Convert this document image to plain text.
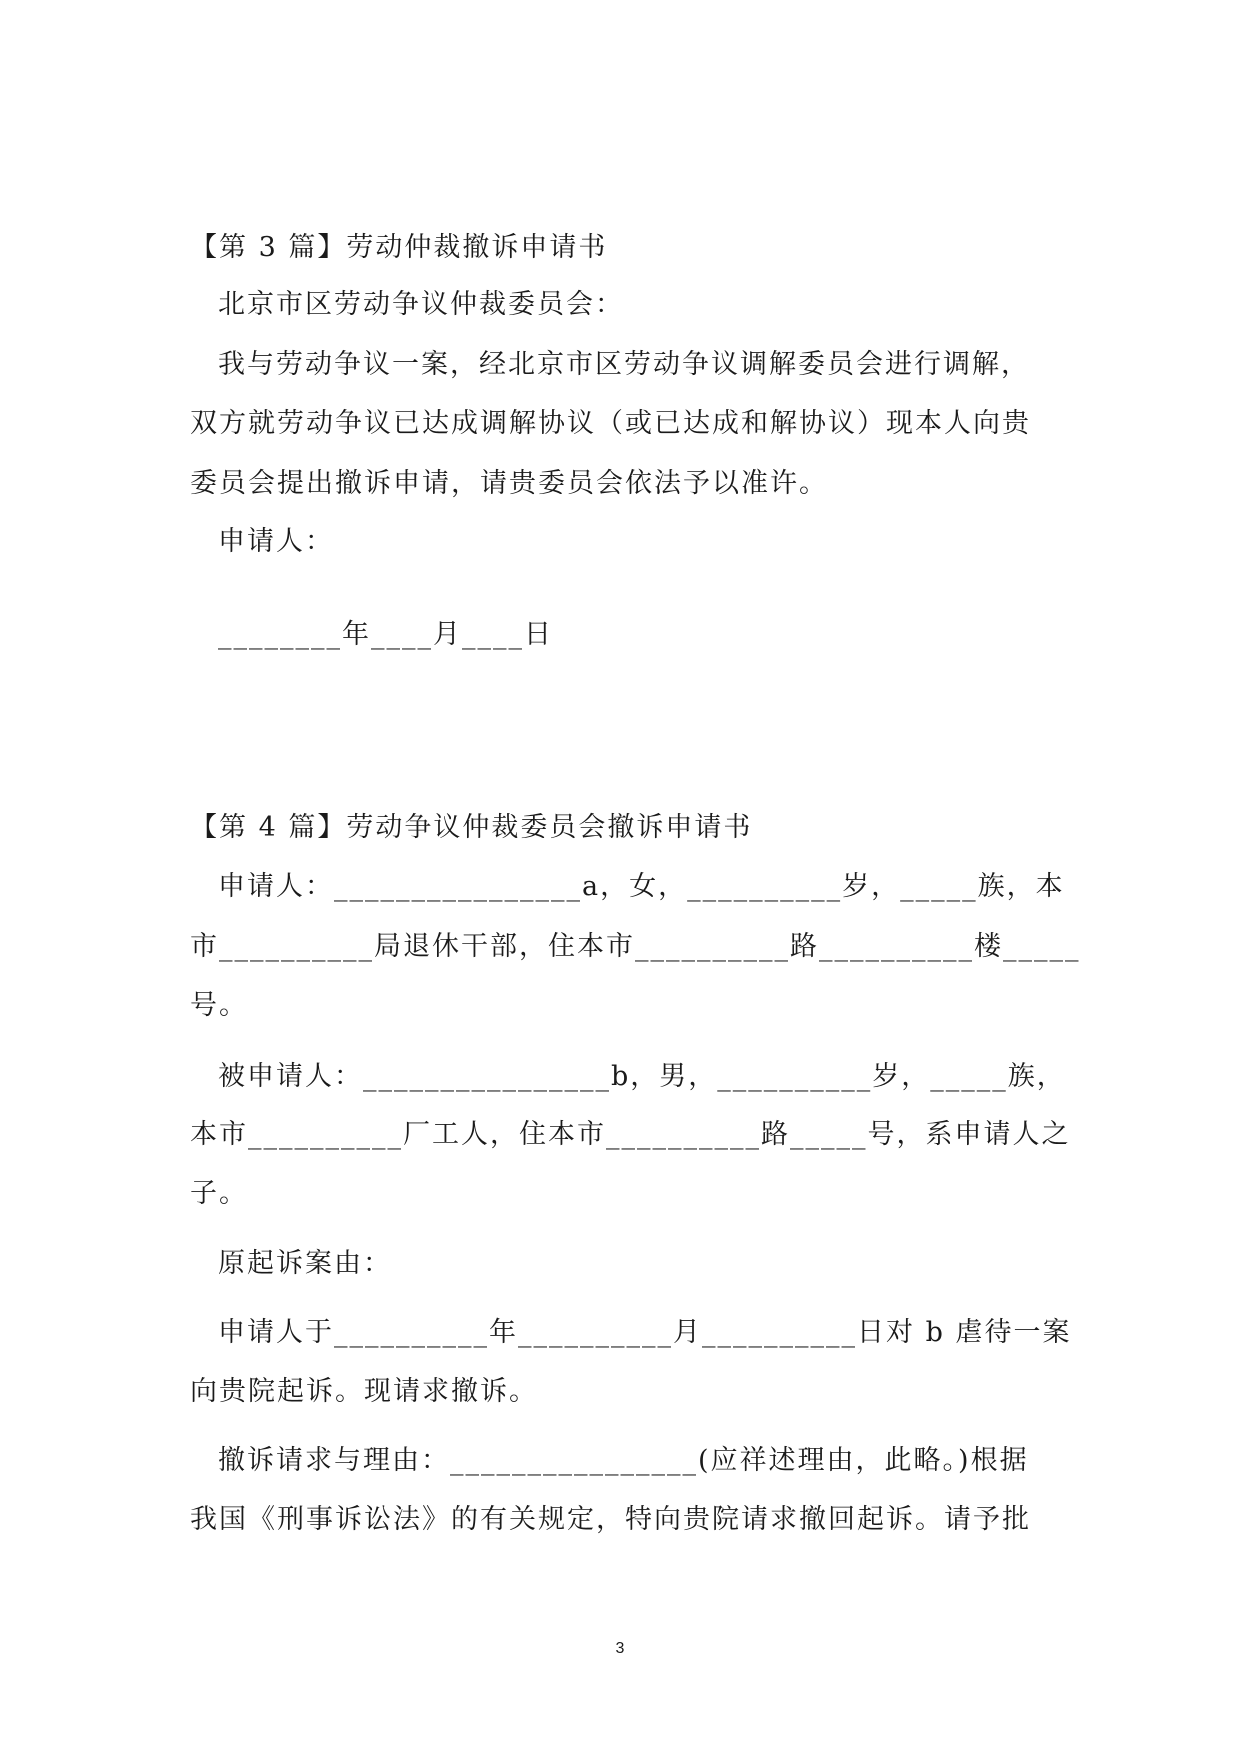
【第 3 篇】劳动仲裁撤诉申请书
北京市区劳动争议仲裁委员会：
我与劳动争议一案，经北京市区劳动争议调解委员会进行调解，
双方就劳动争议已达成调解协议（或已达成和解协议）现本人向贵
委员会提出撤诉申请，请贵委员会依法予以准许。
申请人：
________年____月____日
【第 4 篇】劳动争议仲裁委员会撤诉申请书
申请人：________________a，女，__________岁，_____族，本
市__________局退休干部，住本市__________路__________楼_____
号。
被申请人：________________b，男，__________岁，_____族，
本市__________厂工人，住本市__________路_____号，系申请人之
子。
原起诉案由：
申请人于__________年__________月__________日对 b 虐待一案
向贵院起诉。现请求撤诉。
撤诉请求与理由：________________(应祥述理由，此略。)根据
我国《刑事诉讼法》的有关规定，特向贵院请求撤回起诉。请予批
3
